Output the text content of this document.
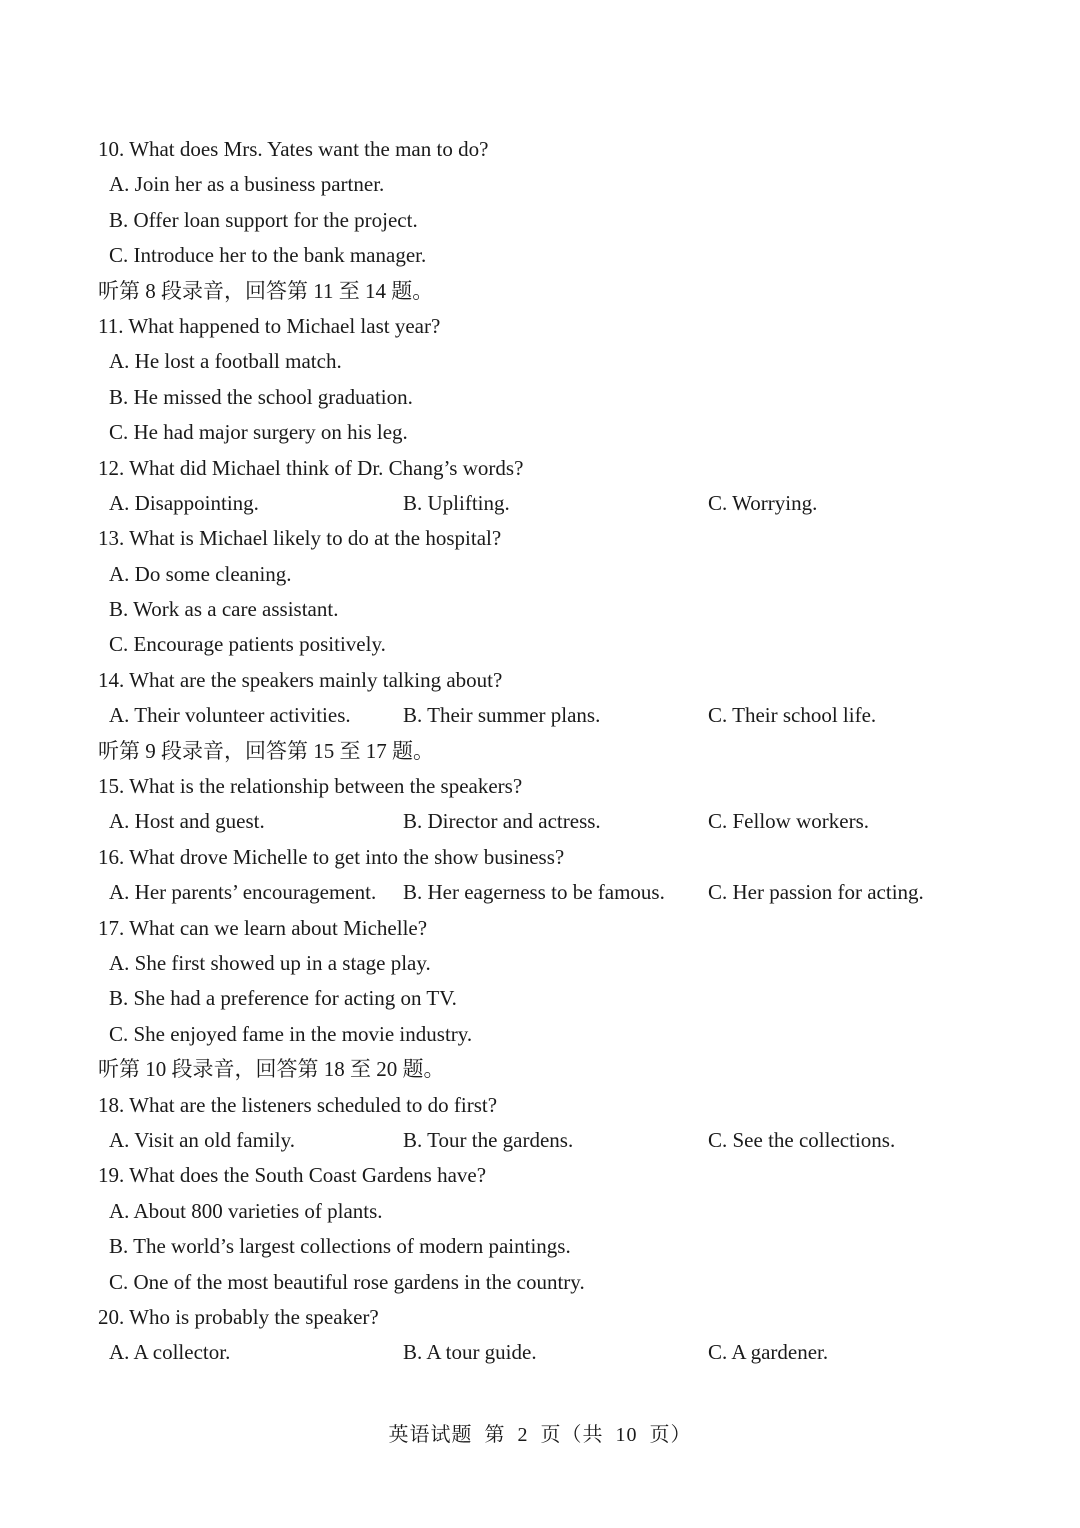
10. What does Mrs. Yates want the man to do?
A. Join her as a business partner.
B. Offer loan support for the project.
C. Introduce her to the bank manager.
听第 8 段录音，回答第 11 至 14 题。
11. What happened to Michael last year?
A. He lost a football match.
B. He missed the school graduation.
C. He had major surgery on his leg.
12. What did Michael think of Dr. Chang’s words?
A. Disappointing.	B. Uplifting.	C. Worrying.
13. What is Michael likely to do at the hospital?
A. Do some cleaning.
B. Work as a care assistant.
C. Encourage patients positively.
14. What are the speakers mainly talking about?
A. Their volunteer activities. B. Their summer plans.	C. Their school life.
听第 9 段录音，回答第 15 至 17 题。
15. What is the relationship between the speakers?
A. Host and guest.	B. Director and actress.	C. Fellow workers.
16. What drove Michelle to get into the show business?
A. Her parents’ encouragement. B. Her eagerness to be famous. C. Her passion for acting.
17. What can we learn about Michelle?
A. She first showed up in a stage play.
B. She had a preference for acting on TV.
C. She enjoyed fame in the movie industry.
听第 10 段录音，回答第 18 至 20 题。
18. What are the listeners scheduled to do first?
A. Visit an old family.	B. Tour the gardens.	C. See the collections.
19. What does the South Coast Gardens have?
A. About 800 varieties of plants.
B. The world’s largest collections of modern paintings.
C. One of the most beautiful rose gardens in the country.
20. Who is probably the speaker?
A. A collector.	B. A tour guide.	C. A gardener.
英语试题 第 2 页（共 10 页）
